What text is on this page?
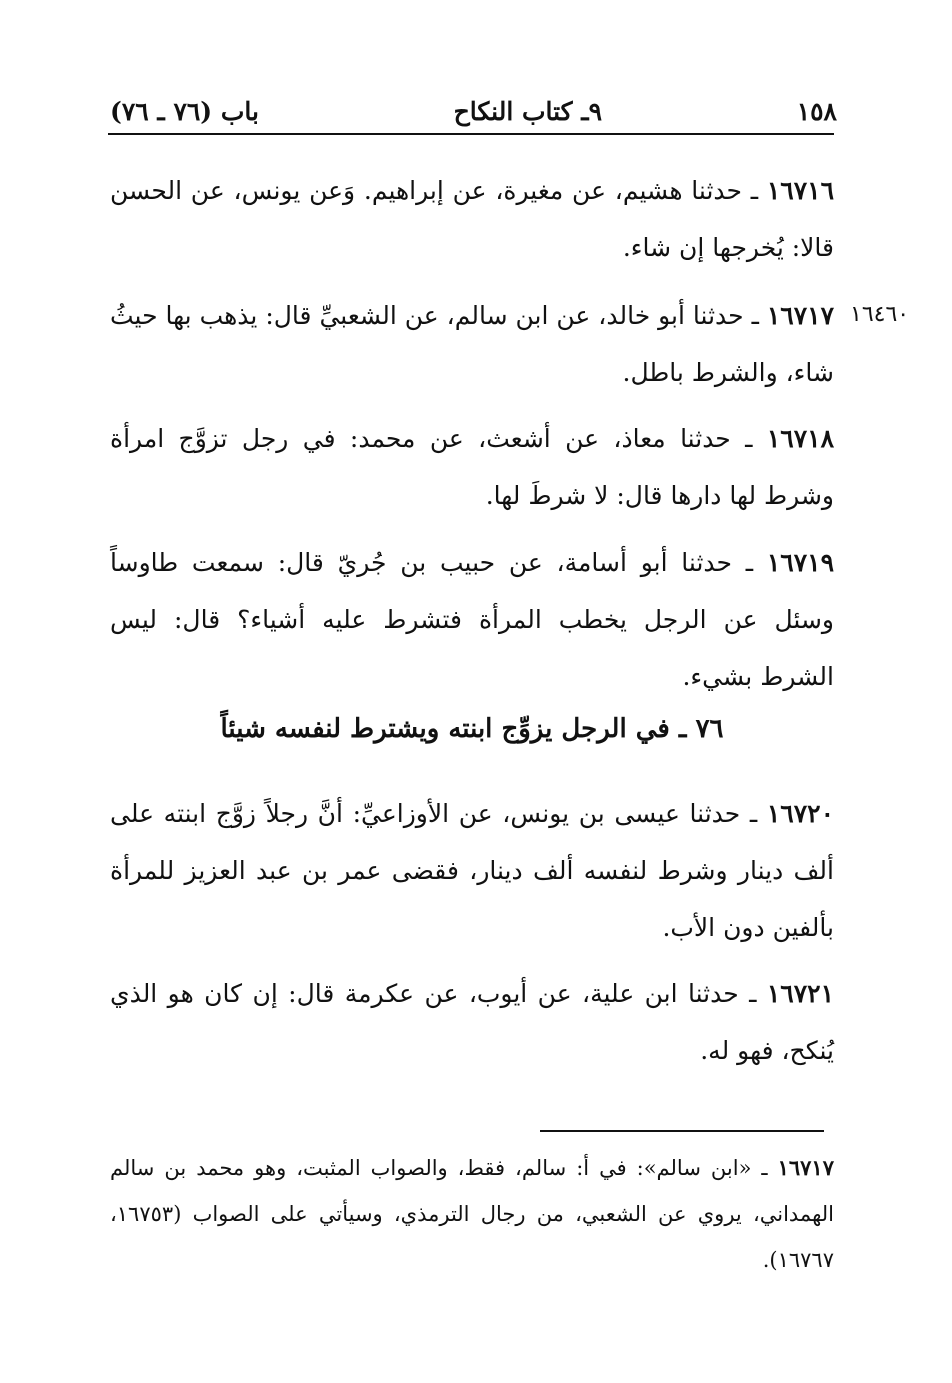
باب (٧٦ ـ ٧٦)	٩ـ كتاب النكاح	١٥٨
١٦٤٦٠
١٦٧١٦ ـ حدثنا هشيم، عن مغيرة، عن إبراهيم. وَعن يونس، عن الحسن قالا: يُخرجها إن شاء.
١٦٧١٧ ـ حدثنا أبو خالد، عن ابن سالم، عن الشعبيِّ قال: يذهب بها حيثُ شاء، والشرط باطل.
١٦٧١٨ ـ حدثنا معاذ، عن أشعث، عن محمد: في رجل تزوَّج امرأة وشرط لها دارها قال: لا شرطَ لها.
١٦٧١٩ ـ حدثنا أبو أسامة، عن حبيب بن جُريّ قال: سمعت طاوساً وسئل عن الرجل يخطب المرأة فتشرط عليه أشياء؟ قال: ليس الشرط بشيء.
٧٦ ـ في الرجل يزوِّج ابنته ويشترط لنفسه شيئاً
١٦٧٢٠ ـ حدثنا عيسى بن يونس، عن الأوزاعيِّ: أنَّ رجلاً زوَّج ابنته على ألف دينار وشرط لنفسه ألف دينار، فقضى عمر بن عبد العزيز للمرأة بألفين دون الأب.
١٦٧٢١ ـ حدثنا ابن علية، عن أيوب، عن عكرمة قال: إن كان هو الذي يُنكح، فهو له.
١٦٧١٧ ـ «ابن سالم»: في أ: سالم، فقط، والصواب المثبت، وهو محمد بن سالم الهمداني، يروي عن الشعبي، من رجال الترمذي، وسيأتي على الصواب (١٦٧٥٣، ١٦٧٦٧).
